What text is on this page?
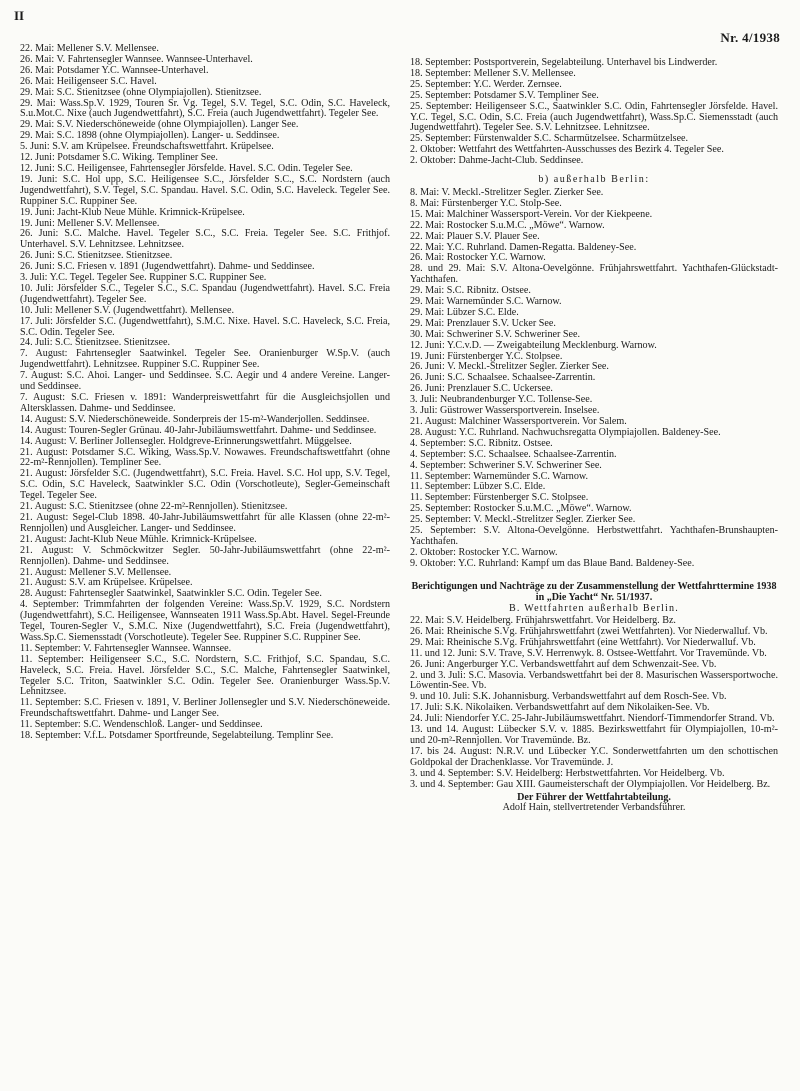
II
Nr. 4/1938
22. Mai: Mellener S.V. Mellensee.
26. Mai: V. Fahrtensegler Wannsee. Wannsee-Unterhavel.
26. Mai: Potsdamer Y.C. Wannsee-Unterhavel.
26. Mai: Heiligenseer S.C. Havel.
29. Mai: S.C. Stienitzsee (ohne Olympiajollen). Stienitzsee.
29. Mai: Wass.Sp.V. 1929, Touren Sr. Vg. Tegel, S.V. Tegel, S.C. Odin, S.C. Haveleck, S.u.Mot.C. Nixe (auch Jugendwettfahrt), S.C. Freia (auch Jugendwettfahrt). Tegeler See.
29. Mai: S.V. Niederschöneweide (ohne Olympiajollen). Langer See.
29. Mai: S.C. 1898 (ohne Olympiajollen). Langer- u. Seddinsee.
5. Juni: S.V. am Krüpelsee. Freundschaftswettfahrt. Krüpelsee.
12. Juni: Potsdamer S.C. Wiking. Templiner See.
12. Juni: S.C. Heiligensee, Fahrtensegler Jörsfelde. Havel. S.C. Odin. Tegeler See.
19. Juni: S.C. Hol upp, S.C. Heiligensee S.C., Jörsfelder S.C., S.C. Nordstern (auch Jugendwettfahrt), S.V. Tegel, S.C. Spandau. Havel. S.C. Odin, S.C. Haveleck. Tegeler See. Ruppiner S.C. Ruppiner See.
19. Juni: Jacht-Klub Neue Mühle. Krimnick-Krüpelsee.
19. Juni: Mellener S.V. Mellensee.
26. Juni: S.C. Malche. Havel. Tegeler S.C., S.C. Freia. Tegeler See. S.C. Frithjof. Unterhavel. S.V. Lehnitzsee. Lehnitzsee.
26. Juni: S.C. Stienitzsee. Stienitzsee.
26. Juni: S.C. Friesen v. 1891 (Jugendwettfahrt). Dahme- und Seddinsee.
3. Juli: Y.C. Tegel. Tegeler See. Ruppiner S.C. Ruppiner See.
10. Juli: Jörsfelder S.C., Tegeler S.C., S.C. Spandau (Jugendwettfahrt). Havel. S.C. Freia (Jugendwettfahrt). Tegeler See.
10. Juli: Mellener S.V. (Jugendwettfahrt). Mellensee.
17. Juli: Jörsfelder S.C. (Jugendwettfahrt), S.M.C. Nixe. Havel. S.C. Haveleck, S.C. Freia, S.C. Odin. Tegeler See.
24. Juli: S.C. Stienitzsee. Stienitzsee.
7. August: Fahrtensegler Saatwinkel. Tegeler See. Oranienburger W.Sp.V. (auch Jugendwettfahrt). Lehnitzsee. Ruppiner S.C. Ruppiner See.
7. August: S.C. Ahoi. Langer- und Seddinsee. S.C. Aegir und 4 andere Vereine. Langer- und Seddinsee.
7. August: S.C. Friesen v. 1891: Wanderpreiswettfahrt für die Ausgleichsjollen und Altersklassen. Dahme- und Seddinsee.
14. August: S.V. Niederschöneweide. Sonderpreis der 15-m²-Wanderjollen. Seddinsee.
14. August: Touren-Segler Grünau. 40-Jahr-Jubiläumswettfahrt. Dahme- und Seddinsee.
14. August: V. Berliner Jollensegler. Holdgreve-Erinnerungswettfahrt. Müggelsee.
21. August: Potsdamer S.C. Wiking, Wass.Sp.V. Nowawes. Freundschaftswettfahrt (ohne 22-m²-Rennjollen). Templiner See.
21. August: Jörsfelder S.C. (Jugendwettfahrt), S.C. Freia. Havel. S.C. Hol upp, S.V. Tegel, S.C. Odin, S.C Haveleck, Saatwinkler S.C. Odin (Vorschotleute), Segler-Gemeinschaft Tegel. Tegeler See.
21. August: S.C. Stienitzsee (ohne 22-m²-Rennjollen). Stienitzsee.
21. August: Segel-Club 1898. 40-Jahr-Jubiläumswettfahrt für alle Klassen (ohne 22-m²-Rennjollen) und Ausgleicher. Langer- und Seddinsee.
21. August: Jacht-Klub Neue Mühle. Krimnick-Krüpelsee.
21. August: V. Schmöckwitzer Segler. 50-Jahr-Jubiläumswettfahrt (ohne 22-m²-Rennjollen). Dahme- und Seddinsee.
21. August: Mellener S.V. Mellensee.
21. August: S.V. am Krüpelsee. Krüpelsee.
28. August: Fahrtensegler Saatwinkel, Saatwinkler S.C. Odin. Tegeler See.
4. September: Trimmfahrten der folgenden Vereine: Wass.Sp.V. 1929, S.C. Nordstern (Jugendwettfahrt), S.C. Heiligensee, Wannseaten 1911 Wass.Sp.Abt. Havel. Segel-Freunde Tegel, Touren-Segler V., S.M.C. Nixe (Jugendwettfahrt), S.C. Freia (Jugendwettfahrt), Wass.Sp.C. Siemensstadt (Vorschotleute). Tegeler See. Ruppiner S.C. Ruppiner See.
11. September: V. Fahrtensegler Wannsee. Wannsee.
11. September: Heiligenseer S.C., S.C. Nordstern, S.C. Frithjof, S.C. Spandau, S.C. Haveleck, S.C. Freia. Havel. Jörsfelder S.C., S.C. Malche, Fahrtensegler Saatwinkel, Tegeler S.C. Triton, Saatwinkler S.C. Odin. Tegeler See. Oranienburger Wass.Sp.V. Lehnitzsee.
11. September: S.C. Friesen v. 1891, V. Berliner Jollensegler und S.V. Niederschöneweide. Freundschaftswettfahrt. Dahme- und Langer See.
11. September: S.C. Wendenschloß. Langer- und Seddinsee.
18. September: V.f.L. Potsdamer Sportfreunde, Segelabteilung. Templinr See.
18. September: Postsportverein, Segelabteilung. Unterhavel bis Lindwerder.
18. September: Mellener S.V. Mellensee.
25. September: Y.C. Werder. Zernsee.
25. September: Potsdamer S.V. Templiner See.
25. September: Heiligenseer S.C., Saatwinkler S.C. Odin, Fahrtensegler Jörsfelde. Havel. Y.C. Tegel, S.C. Odin, S.C. Freia (auch Jugendwettfahrt), Wass.Sp.C. Siemensstadt (auch Jugendwettfahrt). Tegeler See. S.V. Lehnitzsee. Lehnitzsee.
25. September: Fürstenwalder S.C. Scharmützelsee. Scharmützelsee.
2. Oktober: Wettfahrt des Wettfahrten-Ausschusses des Bezirk 4. Tegeler See.
2. Oktober: Dahme-Jacht-Club. Seddinsee.
b) außerhalb Berlin:
8. Mai: V. Meckl.-Strelitzer Segler. Zierker See.
8. Mai: Fürstenberger Y.C. Stolp-See.
15. Mai: Malchiner Wassersport-Verein. Vor der Kiekpeene.
22. Mai: Rostocker S.u.M.C. „Möwe“. Warnow.
22. Mai: Plauer S.V. Plauer See.
22. Mai: Y.C. Ruhrland. Damen-Regatta. Baldeney-See.
26. Mai: Rostocker Y.C. Warnow.
28. und 29. Mai: S.V. Altona-Oevelgönne. Frühjahrswettfahrt. Yachthafen-Glückstadt-Yachthafen.
29. Mai: S.C. Ribnitz. Ostsee.
29. Mai: Warnemünder S.C. Warnow.
29. Mai: Lübzer S.C. Elde.
29. Mai: Prenzlauer S.V. Ucker See.
30. Mai: Schweriner S.V. Schweriner See.
12. Juni: Y.C.v.D. — Zweigabteilung Mecklenburg. Warnow.
19. Juni: Fürstenberger Y.C. Stolpsee.
26. Juni: V. Meckl.-Strelitzer Segler. Zierker See.
26. Juni: S.C. Schaalsee. Schaalsee-Zarrentin.
26. Juni: Prenzlauer S.C. Uckersee.
3. Juli: Neubrandenburger Y.C. Tollense-See.
3. Juli: Güstrower Wassersportverein. Inselsee.
21. August: Malchiner Wassersportverein. Vor Salem.
28. August: Y.C. Ruhrland. Nachwuchsregatta Olympiajollen. Baldeney-See.
4. September: S.C. Ribnitz. Ostsee.
4. September: S.C. Schaalsee. Schaalsee-Zarrentin.
4. September: Schweriner S.V. Schweriner See.
11. September: Warnemünder S.C. Warnow.
11. September: Lübzer S.C. Elde.
11. September: Fürstenberger S.C. Stolpsee.
25. September: Rostocker S.u.M.C. „Möwe“. Warnow.
25. September: V. Meckl.-Strelitzer Segler. Zierker See.
25. September: S.V. Altona-Oevelgönne. Herbstwettfahrt. Yachthafen-Brunshaupten-Yachthafen.
2. Oktober: Rostocker Y.C. Warnow.
9. Oktober: Y.C. Ruhrland: Kampf um das Blaue Band. Baldeney-See.
Berichtigungen und Nachträge zu der Zusammenstellung der Wettfahrttermine 1938 in „Die Yacht“ Nr. 51/1937.
B. Wettfahrten außerhalb Berlin.
22. Mai: S.V. Heidelberg. Frühjahrswettfahrt. Vor Heidelberg. Bz.
26. Mai: Rheinische S.Vg. Frühjahrswettfahrt (zwei Wettfahrten). Vor Niederwalluf. Vb.
29. Mai: Rheinische S.Vg. Frühjahrswettfahrt (eine Wettfahrt). Vor Niederwalluf. Vb.
11. und 12. Juni: S.V. Trave, S.V. Herrenwyk. 8. Ostsee-Wettfahrt. Vor Travemünde. Vb.
26. Juni: Angerburger Y.C. Verbandswettfahrt auf dem Schwenzait-See. Vb.
2. und 3. Juli: S.C. Masovia. Verbandswettfahrt bei der 8. Masurischen Wassersportwoche. Löwentin-See. Vb.
9. und 10. Juli: S.K. Johannisburg. Verbandswettfahrt auf dem Rosch-See. Vb.
17. Juli: S.K. Nikolaiken. Verbandswettfahrt auf dem Nikolaiken-See. Vb.
24. Juli: Niendorfer Y.C. 25-Jahr-Jubiläumswettfahrt. Niendorf-Timmendorfer Strand. Vb.
13. und 14. August: Lübecker S.V. v. 1885. Bezirkswettfahrt für Olympiajollen, 10-m²- und 20-m²-Rennjollen. Vor Travemünde. Bz.
17. bis 24. August: N.R.V. und Lübecker Y.C. Sonderwettfahrten um den schottischen Goldpokal der Drachenklasse. Vor Travemünde. J.
3. und 4. September: S.V. Heidelberg: Herbstwettfahrten. Vor Heidelberg. Vb.
3. und 4. September: Gau XIII. Gaumeisterschaft der Olympiajollen. Vor Heidelberg. Bz.
Der Führer der Wettfahrtabteilung.
Adolf Hain, stellvertretender Verbandsführer.
